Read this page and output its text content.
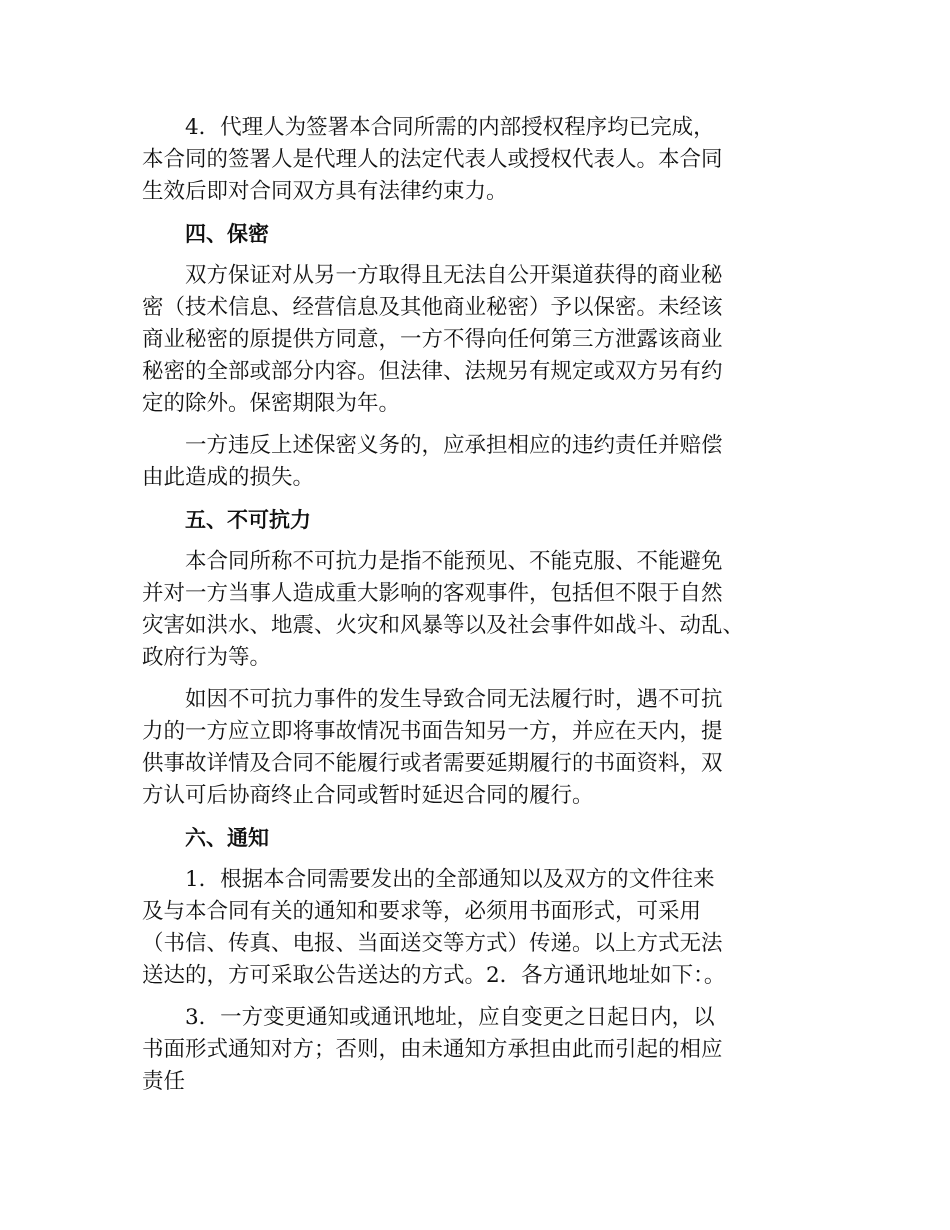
4．代理人为签署本合同所需的内部授权程序均已完成，
本合同的签署人是代理人的法定代表人或授权代表人。本合同
生效后即对合同双方具有法律约束力。
四、保密
双方保证对从另一方取得且无法自公开渠道获得的商业秘
密（技术信息、经营信息及其他商业秘密）予以保密。未经该
商业秘密的原提供方同意，一方不得向任何第三方泄露该商业
秘密的全部或部分内容。但法律、法规另有规定或双方另有约
定的除外。保密期限为年。
一方违反上述保密义务的，应承担相应的违约责任并赔偿
由此造成的损失。
五、不可抗力
本合同所称不可抗力是指不能预见、不能克服、不能避免
并对一方当事人造成重大影响的客观事件，包括但不限于自然
灾害如洪水、地震、火灾和风暴等以及社会事件如战斗、动乱、
政府行为等。
如因不可抗力事件的发生导致合同无法履行时，遇不可抗
力的一方应立即将事故情况书面告知另一方，并应在天内，提
供事故详情及合同不能履行或者需要延期履行的书面资料，双
方认可后协商终止合同或暂时延迟合同的履行。
六、通知
1．根据本合同需要发出的全部通知以及双方的文件往来
及与本合同有关的通知和要求等，必须用书面形式，可采用
（书信、传真、电报、当面送交等方式）传递。以上方式无法
送达的，方可采取公告送达的方式。2．各方通讯地址如下：。
3．一方变更通知或通讯地址，应自变更之日起日内，以
书面形式通知对方；否则，由未通知方承担由此而引起的相应
责任
